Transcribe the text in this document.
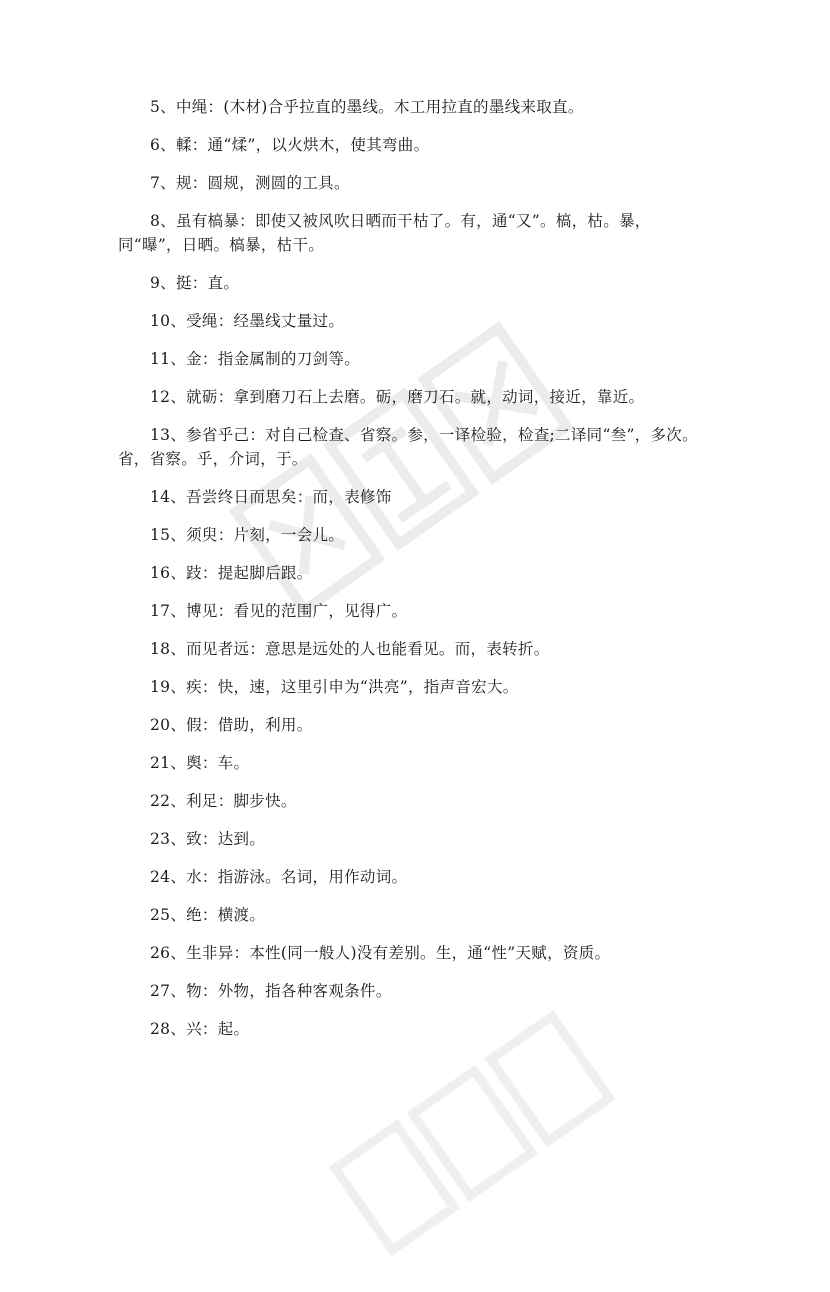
5、中绳：(木材)合乎拉直的墨线。木工用拉直的墨线来取直。

6、輮：通“煣”，以火烘木，使其弯曲。

7、规：圆规，测圆的工具。

8、虽有槁暴：即使又被风吹日晒而干枯了。有，通“又”。槁，枯。暴，同“曝”，日晒。槁暴，枯干。

9、挺：直。

10、受绳：经墨线丈量过。

11、金：指金属制的刀剑等。

12、就砺：拿到磨刀石上去磨。砺，磨刀石。就，动词，接近，靠近。

13、参省乎己：对自己检查、省察。参，一译检验，检查;二译同“叁”，多次。省，省察。乎，介词，于。

14、吾尝终日而思矣：而，表修饰

15、须臾：片刻，一会儿。

16、跂：提起脚后跟。

17、博见：看见的范围广，见得广。

18、而见者远：意思是远处的人也能看见。而，表转折。

19、疾：快，速，这里引申为“洪亮”，指声音宏大。

20、假：借助，利用。

21、舆：车。

22、利足：脚步快。

23、致：达到。

24、水：指游泳。名词，用作动词。

25、绝：横渡。

26、生非异：本性(同一般人)没有差别。生，通“性”天赋，资质。

27、物：外物，指各种客观条件。

28、兴：起。
